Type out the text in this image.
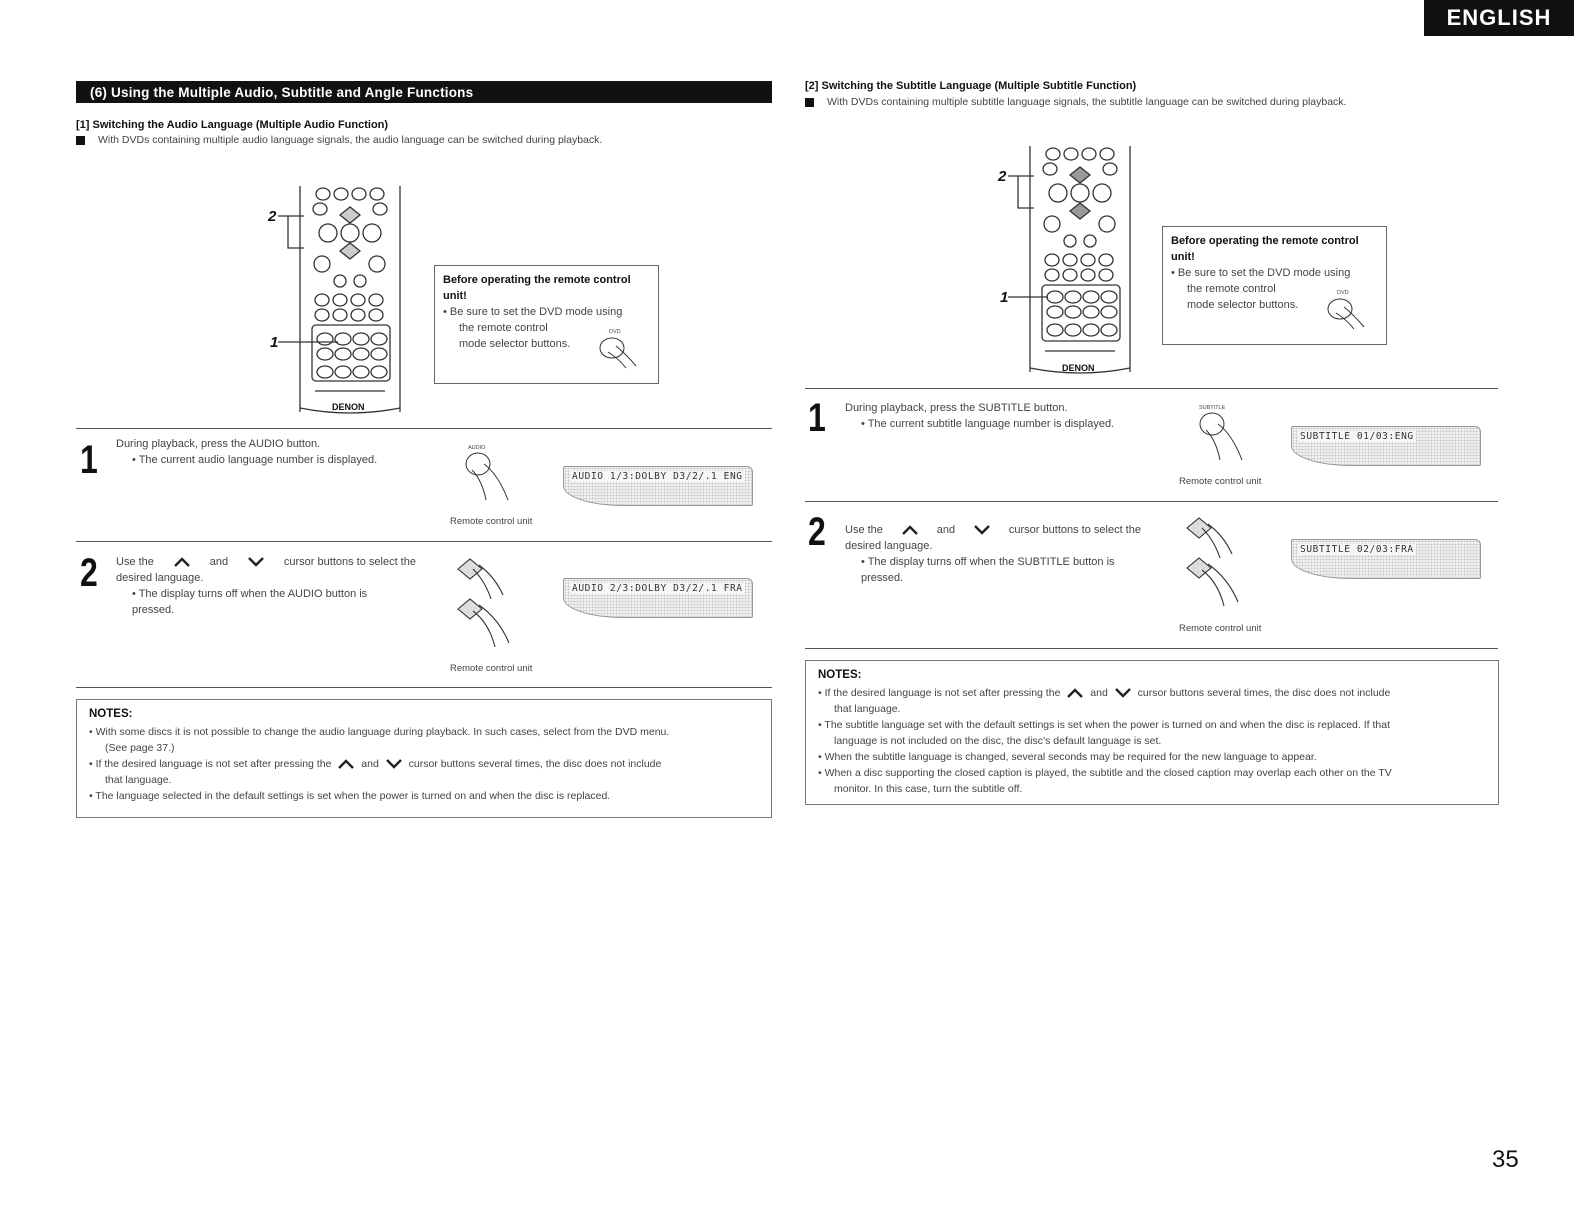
ENGLISH
(6) Using the Multiple Audio, Subtitle and Angle Functions
[1] Switching the Audio Language (Multiple Audio Function)
With DVDs containing multiple audio language signals, the audio language can be switched during playback.
2
1
DENON
Before operating the remote control
unit!
• Be sure to set the DVD mode using
the remote control
mode selector buttons.
DVD
1 During playback, press the AUDIO button.
• The current audio language number is displayed.
AUDIO
AUDIO 1/3:DOLBY D3/2/.1 ENG
Remote control unit
2 Use the	and	cursor buttons to select the
desired language.
• The display turns off when the AUDIO button is
pressed.
AUDIO 2/3:DOLBY D3/2/.1 FRA
Remote control unit
NOTES:
• With some discs it is not possible to change the audio language during playback. In such cases, select from the DVD menu.
(See page 37.)
• If the desired language is not set after pressing the	and	cursor buttons several times, the disc does not include
that language.
• The language selected in the default settings is set when the power is turned on and when the disc is replaced.
[2] Switching the Subtitle Language (Multiple Subtitle Function)
With DVDs containing multiple subtitle language signals, the subtitle language can be switched during playback.
2
1
DENON
Before operating the remote control
unit!
• Be sure to set the DVD mode using
the remote control
mode selector buttons.
DVD
1 During playback, press the SUBTITLE button.
• The current subtitle language number is displayed.
SUBTITLE
SUBTITLE 01/03:ENG
Remote control unit
2 Use the	and	cursor buttons to select the
desired language.
• The display turns off when the SUBTITLE button is
pressed.
SUBTITLE 02/03:FRA
Remote control unit
NOTES:
• If the desired language is not set after pressing the	and	cursor buttons several times, the disc does not include
that language.
• The subtitle language set with the default settings is set when the power is turned on and when the disc is replaced. If that
language is not included on the disc, the disc’s default language is set.
• When the subtitle language is changed, several seconds may be required for the new language to appear.
• When a disc supporting the closed caption is played, the subtitle and the closed caption may overlap each other on the TV
monitor. In this case, turn the subtitle off.
35
